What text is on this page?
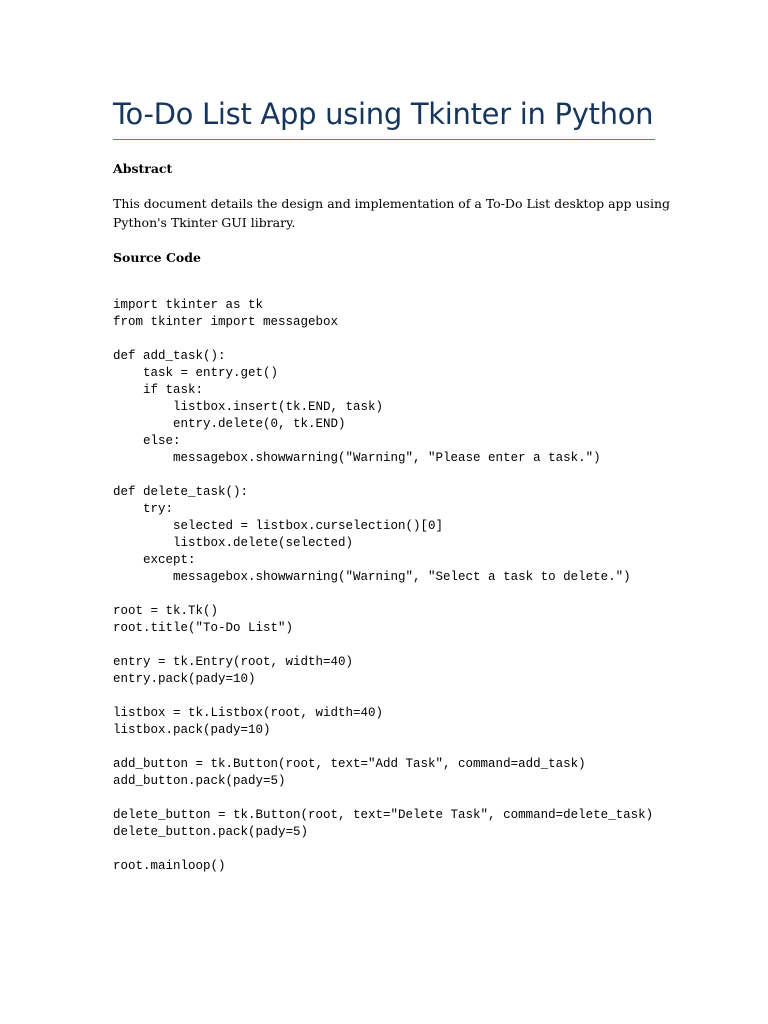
To-Do List App using Tkinter in Python
Abstract

This document details the design and implementation of a To-Do List desktop app using
Python's Tkinter GUI library.

Source Code
import tkinter as tk
from tkinter import messagebox
def add_task():
task = entry.get()
if task:
listbox.insert(tk.END, task)
entry.delete(0, tk.END)
else:
messagebox.showwarning("Warning", "Please enter a task.")
def delete_task():
try:
selected = listbox.curselection()[0]
listbox.delete(selected)
except:
messagebox.showwarning("Warning", "Select a task to delete.")
root = tk.Tk()
root.title("To-Do List")
entry = tk.Entry(root, width=40)
entry.pack(pady=10)
listbox = tk.Listbox(root, width=40)
listbox.pack(pady=10)
add_button = tk.Button(root, text="Add Task", command=add_task)
add_button.pack(pady=5)
delete_button = tk.Button(root, text="Delete Task", command=delete_task)
delete_button.pack(pady=5)
root.mainloop()
